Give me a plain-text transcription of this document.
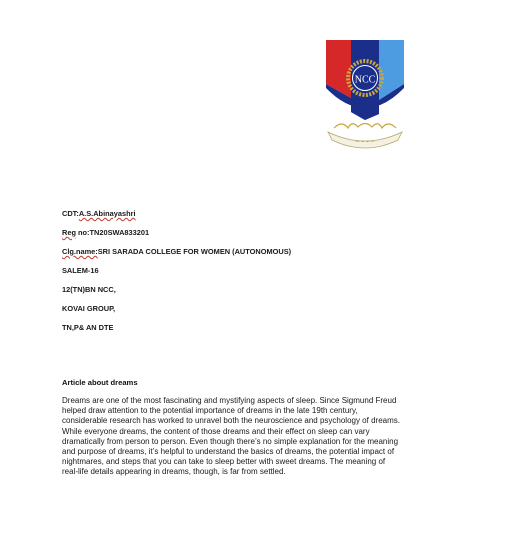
— ~ ~ —
NCC
CDT:A.S.Abinayashri
Reg no:TN20SWA833201
Clg.name:SRI SARADA COLLEGE FOR WOMEN (AUTONOMOUS)
SALEM-16
12(TN)BN NCC,
KOVAI GROUP,
TN,P& AN DTE
Article about dreams
Dreams are one of the most fascinating and mystifying aspects of sleep. Since Sigmund Freud
helped draw attention to the potential importance of dreams in the late 19th century,
considerable research has worked to unravel both the neuroscience and psychology of dreams.
While everyone dreams, the content of those dreams and their effect on sleep can vary
dramatically from person to person. Even though there’s no simple explanation for the meaning
and purpose of dreams, it’s helpful to understand the basics of dreams, the potential impact of
nightmares, and steps that you can take to sleep better with sweet dreams. The meaning of
real-life details appearing in dreams, though, is far from settled.
